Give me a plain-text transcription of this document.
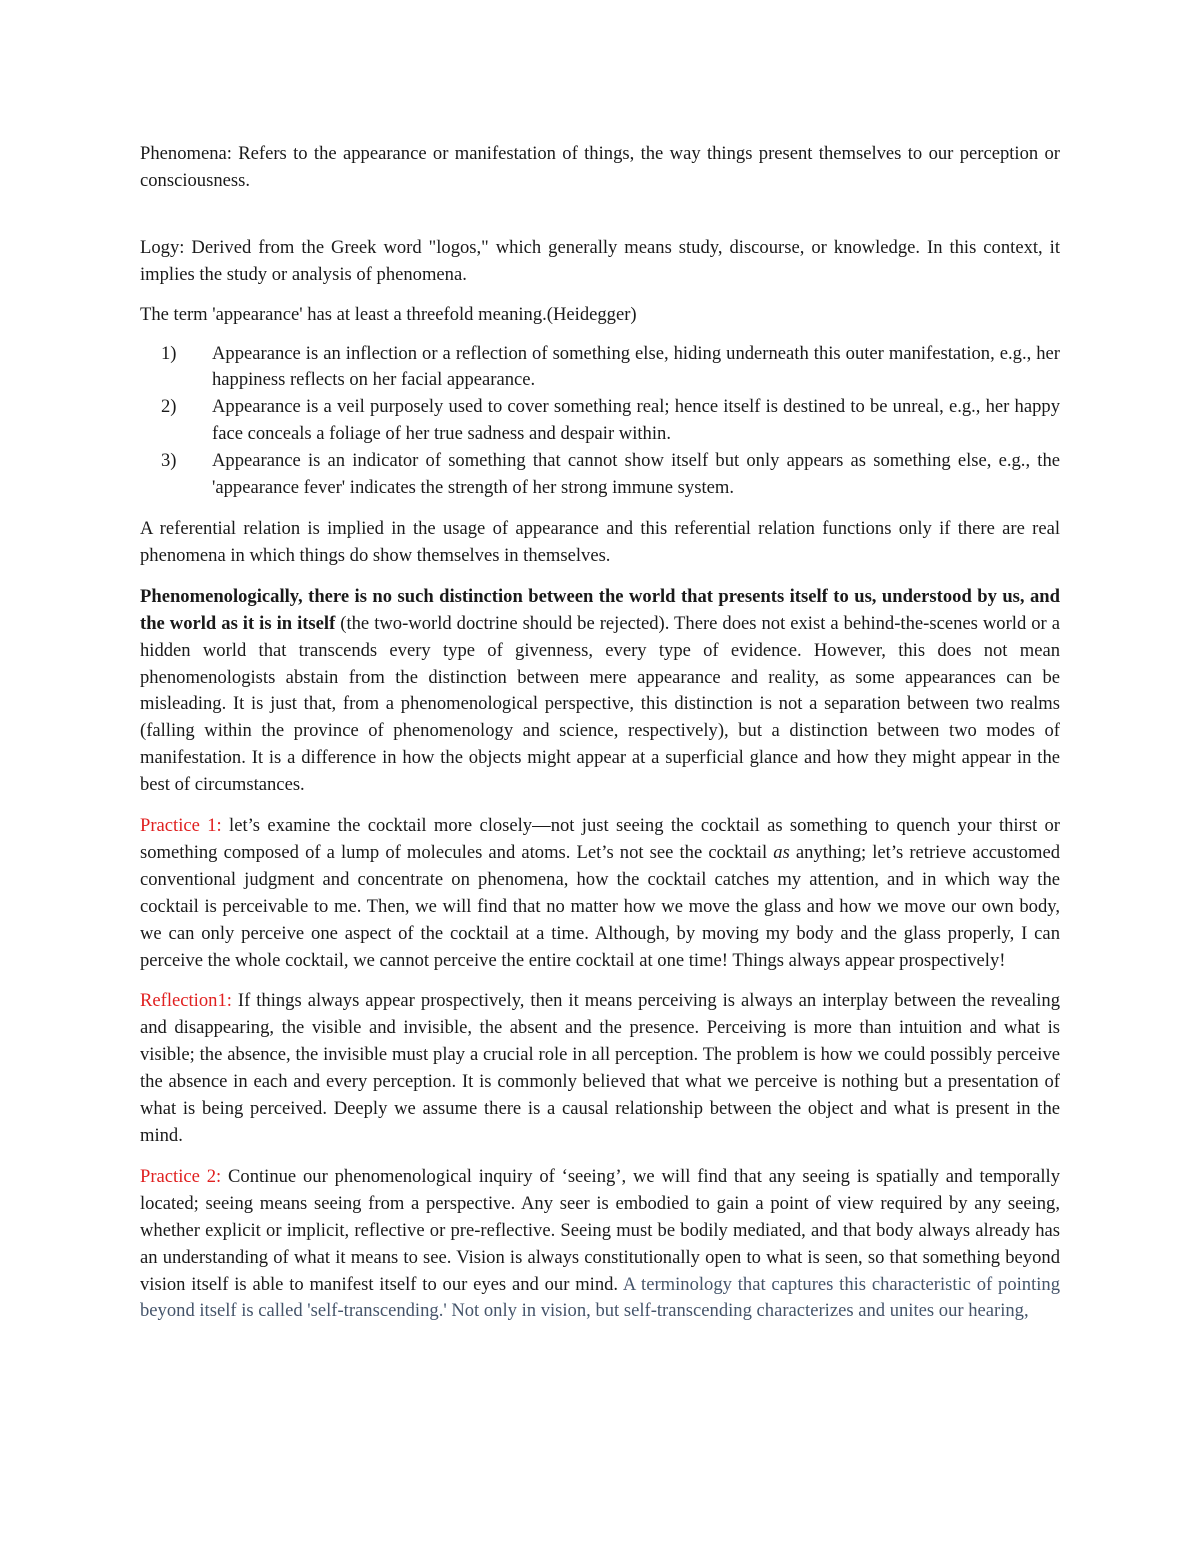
Phenomena: Refers to the appearance or manifestation of things, the way things present themselves to our perception or consciousness.

Logy: Derived from the Greek word "logos," which generally means study, discourse, or knowledge. In this context, it implies the study or analysis of phenomena.

The term 'appearance' has at least a threefold meaning.(Heidegger)

1) Appearance is an inflection or a reflection of something else, hiding underneath this outer manifestation, e.g., her happiness reflects on her facial appearance.
2) Appearance is a veil purposely used to cover something real; hence itself is destined to be unreal, e.g., her happy face conceals a foliage of her true sadness and despair within.
3) Appearance is an indicator of something that cannot show itself but only appears as something else, e.g., the 'appearance fever' indicates the strength of her strong immune system.

A referential relation is implied in the usage of appearance and this referential relation functions only if there are real phenomena in which things do show themselves in themselves.

Phenomenologically, there is no such distinction between the world that presents itself to us, understood by us, and the world as it is in itself (the two-world doctrine should be rejected). There does not exist a behind-the-scenes world or a hidden world that transcends every type of givenness, every type of evidence. However, this does not mean phenomenologists abstain from the distinction between mere appearance and reality, as some appearances can be misleading. It is just that, from a phenomenological perspective, this distinction is not a separation between two realms (falling within the province of phenomenology and science, respectively), but a distinction between two modes of manifestation. It is a difference in how the objects might appear at a superficial glance and how they might appear in the best of circumstances.

Practice 1: let’s examine the cocktail more closely—not just seeing the cocktail as something to quench your thirst or something composed of a lump of molecules and atoms. Let’s not see the cocktail as anything; let’s retrieve accustomed conventional judgment and concentrate on phenomena, how the cocktail catches my attention, and in which way the cocktail is perceivable to me. Then, we will find that no matter how we move the glass and how we move our own body, we can only perceive one aspect of the cocktail at a time. Although, by moving my body and the glass properly, I can perceive the whole cocktail, we cannot perceive the entire cocktail at one time! Things always appear prospectively!

Reflection1: If things always appear prospectively, then it means perceiving is always an interplay between the revealing and disappearing, the visible and invisible, the absent and the presence. Perceiving is more than intuition and what is visible; the absence, the invisible must play a crucial role in all perception. The problem is how we could possibly perceive the absence in each and every perception. It is commonly believed that what we perceive is nothing but a presentation of what is being perceived. Deeply we assume there is a causal relationship between the object and what is present in the mind.

Practice 2: Continue our phenomenological inquiry of ‘seeing’, we will find that any seeing is spatially and temporally located; seeing means seeing from a perspective. Any seer is embodied to gain a point of view required by any seeing, whether explicit or implicit, reflective or pre-reflective. Seeing must be bodily mediated, and that body always already has an understanding of what it means to see. Vision is always constitutionally open to what is seen, so that something beyond vision itself is able to manifest itself to our eyes and our mind. A terminology that captures this characteristic of pointing beyond itself is called 'self-transcending.' Not only in vision, but self-transcending characterizes and unites our hearing,
